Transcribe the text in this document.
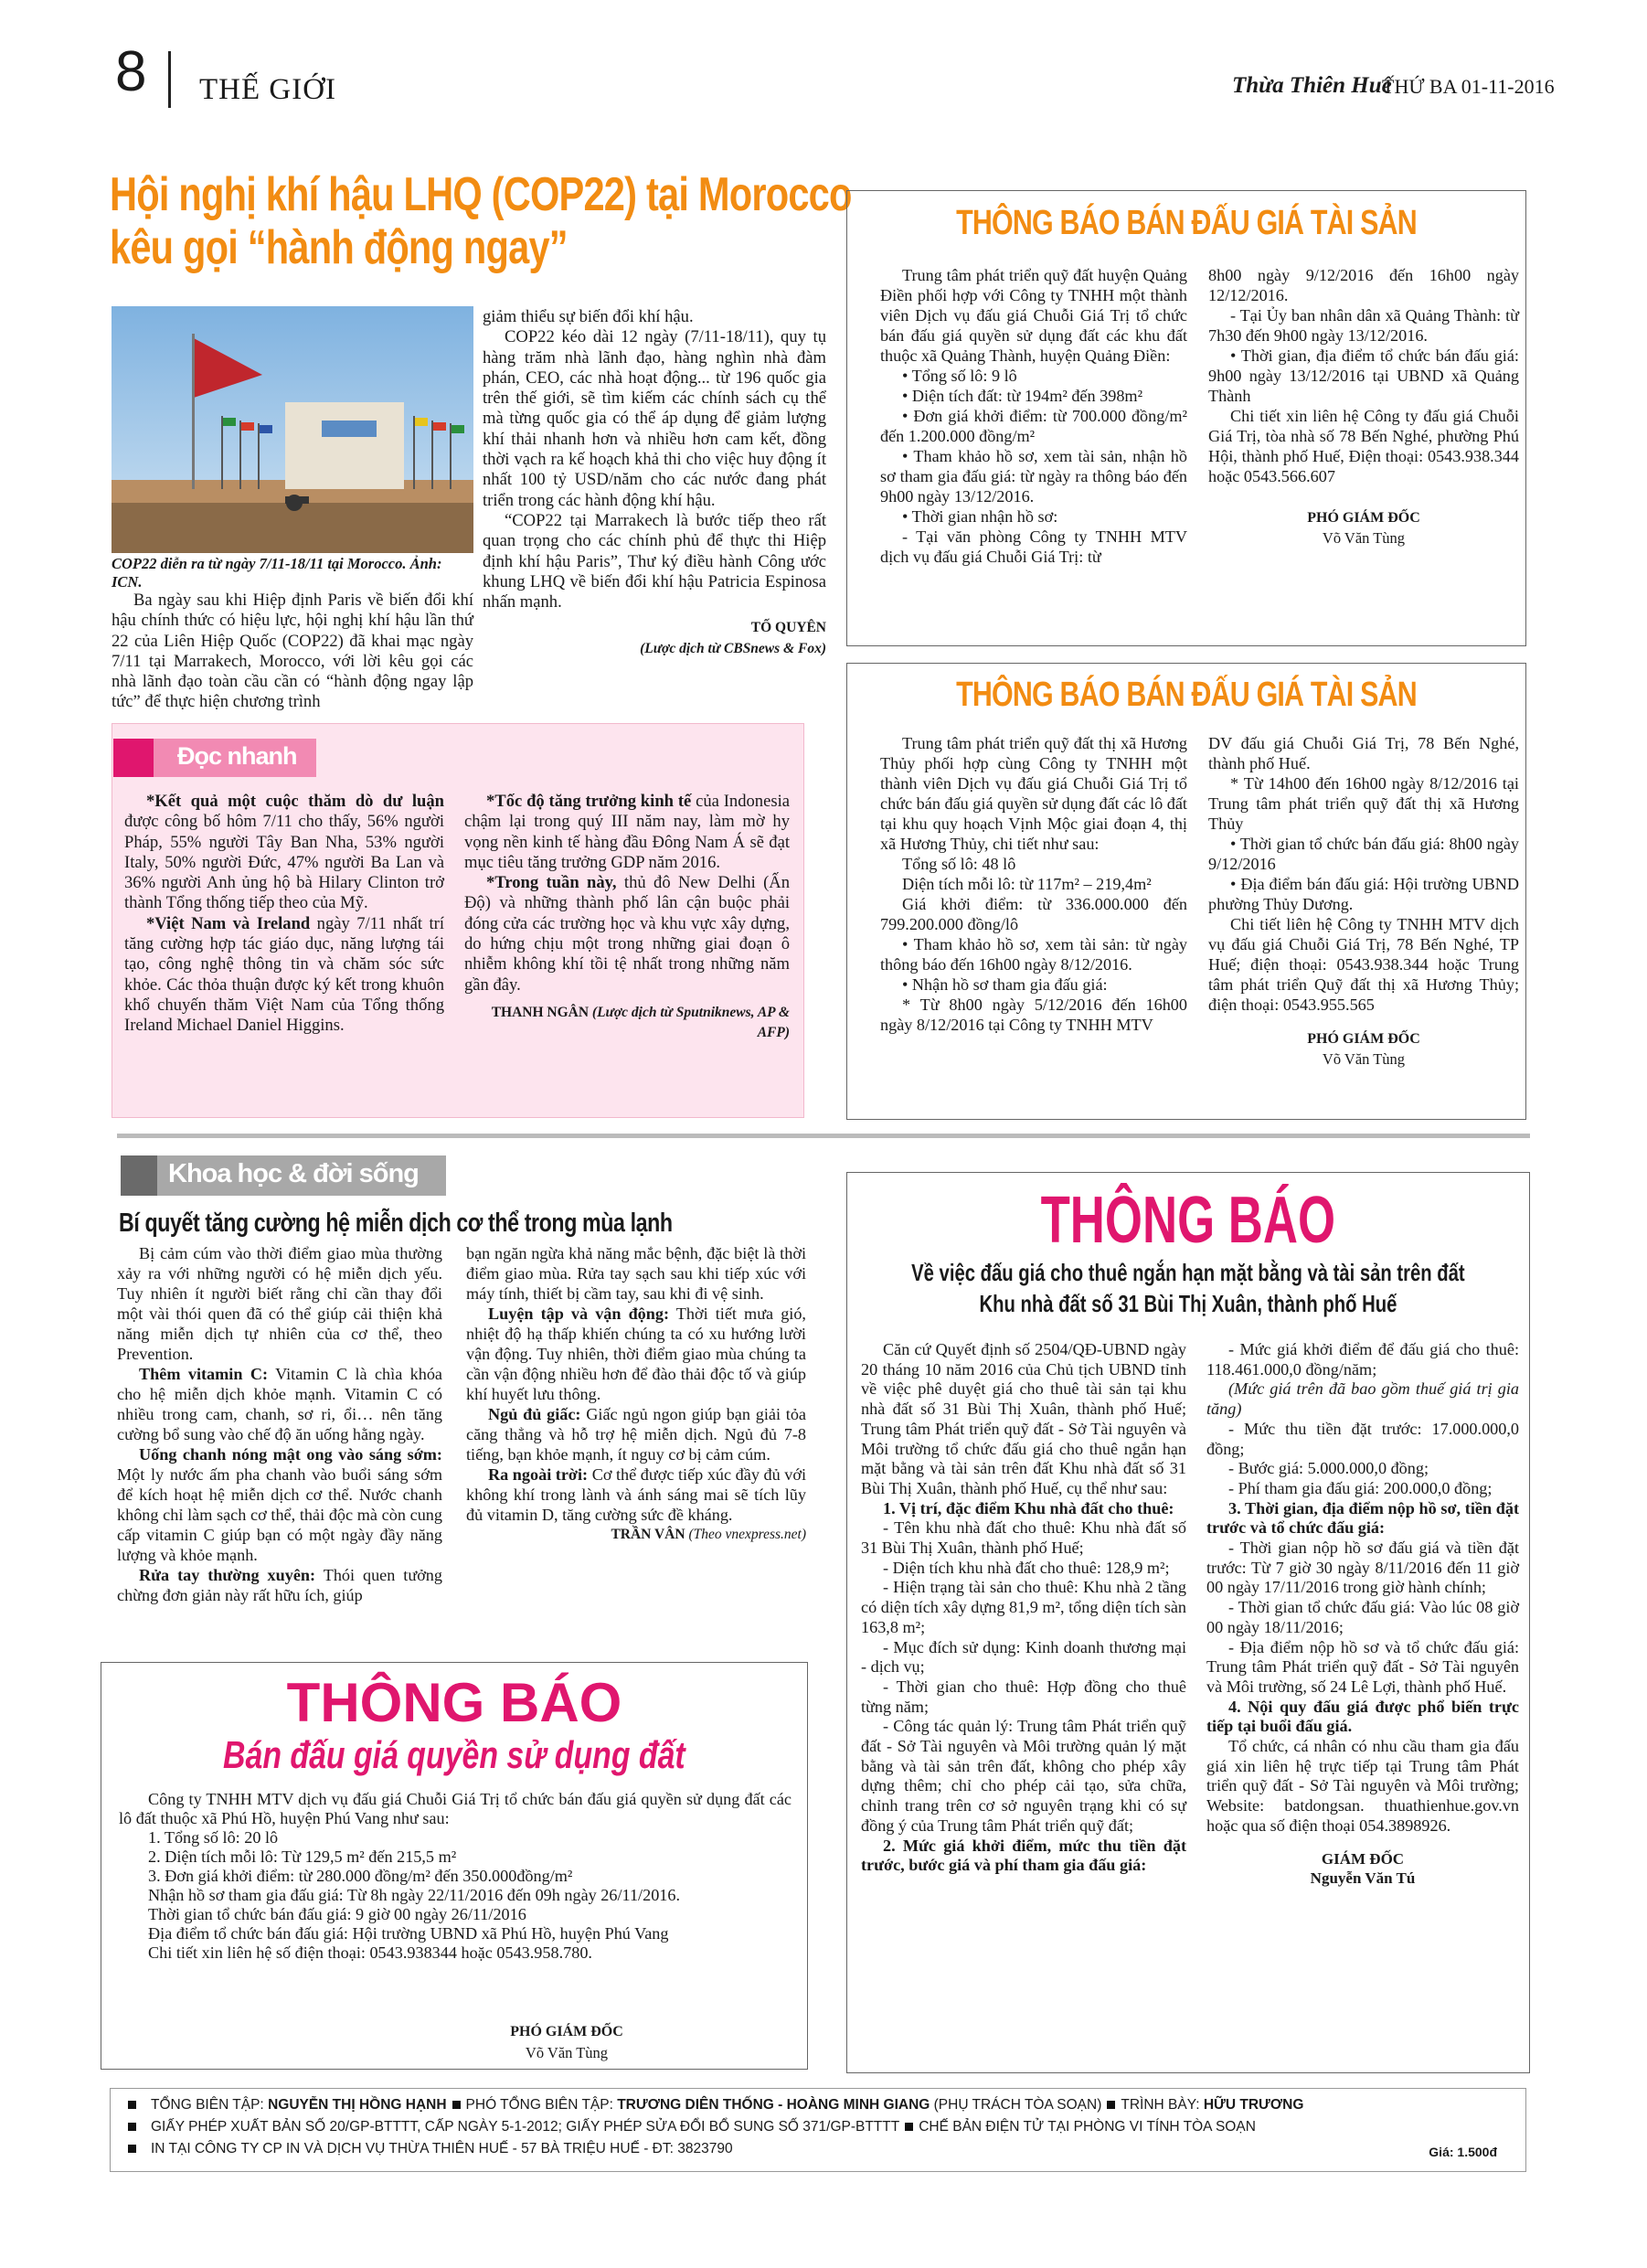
8 THẾ GIỚI	Thừa Thiên Huế
THỨ BA 01-11-2016
Hội nghị khí hậu LHQ (COP22) tại Morocco
kêu gọi “hành động ngay”
COP22 diễn ra từ ngày 7/11-18/11 tại Morocco. Ảnh: ICN.

Ba ngày sau khi Hiệp định Paris về biến đổi khí hậu chính thức có hiệu lực, hội nghị khí hậu lần thứ 22 của Liên Hiệp Quốc (COP22) đã khai mạc ngày 7/11 tại Marrakech, Morocco, với lời kêu gọi các nhà lãnh đạo toàn cầu cần có “hành động ngay lập tức” để thực hiện chương trình

giảm thiểu sự biến đổi khí hậu.

COP22 kéo dài 12 ngày (7/11-18/11), quy tụ hàng trăm nhà lãnh đạo, hàng nghìn nhà đàm phán, CEO, các nhà hoạt động... từ 196 quốc gia trên thế giới, sẽ tìm kiếm các chính sách cụ thể mà từng quốc gia có thể áp dụng để giảm lượng khí thải nhanh hơn và nhiều hơn cam kết, đồng thời vạch ra kế hoạch khả thi cho việc huy động ít nhất 100 tỷ USD/năm cho các nước đang phát triển trong các hành động khí hậu.

“COP22 tại Marrakech là bước tiếp theo rất quan trọng cho các chính phủ để thực thi Hiệp định khí hậu Paris”, Thư ký điều hành Công ước khung LHQ về biến đổi khí hậu Patricia Espinosa nhấn mạnh.

TỐ QUYÊN

(Lược dịch từ CBSnews & Fox)

Đọc nhanh

*Kết quả một cuộc thăm dò dư luận được công bố hôm 7/11 cho thấy, 56% người Pháp, 55% người Tây Ban Nha, 53% người Italy, 50% người Đức, 47% người Ba Lan và 36% người Anh ủng hộ bà Hilary Clinton trở thành Tổng thống tiếp theo của Mỹ.

*Việt Nam và Ireland ngày 7/11 nhất trí tăng cường hợp tác giáo dục, năng lượng tái tạo, công nghệ thông tin và chăm sóc sức khỏe. Các thỏa thuận được ký kết trong khuôn khổ chuyến thăm Việt Nam của Tổng thống Ireland Michael Daniel Higgins.

*Tốc độ tăng trưởng kinh tế của Indonesia chậm lại trong quý III năm nay, làm mờ hy vọng nền kinh tế hàng đầu Đông Nam Á sẽ đạt mục tiêu tăng trưởng GDP năm 2016.

*Trong tuần này, thủ đô New Delhi (Ấn Độ) và những thành phố lân cận buộc phải đóng cửa các trường học và khu vực xây dựng, do hứng chịu một trong những giai đoạn ô nhiễm không khí tồi tệ nhất trong những năm gần đây.

THANH NGÂN (Lược dịch từ Sputniknews, AP & AFP)

THÔNG BÁO BÁN ĐẤU GIÁ TÀI SẢN

Trung tâm phát triển quỹ đất huyện Quảng Điền phối hợp với Công ty TNHH một thành viên Dịch vụ đấu giá Chuỗi Giá Trị tổ chức bán đấu giá quyền sử dụng đất các khu đất thuộc xã Quảng Thành, huyện Quảng Điền:

• Tổng số lô: 9 lô

• Diện tích đất: từ 194m² đến 398m²

• Đơn giá khởi điểm: từ 700.000 đồng/m² đến 1.200.000 đồng/m²

• Tham khảo hồ sơ, xem tài sản, nhận hồ sơ tham gia đấu giá: từ ngày ra thông báo đến 9h00 ngày 13/12/2016.

• Thời gian nhận hồ sơ:

- Tại văn phòng Công ty TNHH MTV dịch vụ đấu giá Chuỗi Giá Trị: từ

8h00 ngày 9/12/2016 đến 16h00 ngày 12/12/2016.

- Tại Ủy ban nhân dân xã Quảng Thành: từ 7h30 đến 9h00 ngày 13/12/2016.

• Thời gian, địa điểm tổ chức bán đấu giá: 9h00 ngày 13/12/2016 tại UBND xã Quảng Thành

Chi tiết xin liên hệ Công ty đấu giá Chuỗi Giá Trị, tòa nhà số 78 Bến Nghé, phường Phú Hội, thành phố Huế, Điện thoại: 0543.938.344 hoặc 0543.566.607

PHÓ GIÁM ĐỐC

Võ Văn Tùng

THÔNG BÁO BÁN ĐẤU GIÁ TÀI SẢN

Trung tâm phát triển quỹ đất thị xã Hương Thủy phối hợp cùng Công ty TNHH một thành viên Dịch vụ đấu giá Chuỗi Giá Trị tổ chức bán đấu giá quyền sử dụng đất các lô đất tại khu quy hoạch Vịnh Mộc giai đoạn 4, thị xã Hương Thủy, chi tiết như sau:

Tổng số lô: 48 lô

Diện tích mỗi lô: từ 117m² – 219,4m²

Giá khởi điểm: từ 336.000.000 đến 799.200.000 đồng/lô

• Tham khảo hồ sơ, xem tài sản: từ ngày thông báo đến 16h00 ngày 8/12/2016.

• Nhận hồ sơ tham gia đấu giá:

* Từ 8h00 ngày 5/12/2016 đến 16h00 ngày 8/12/2016 tại Công ty TNHH MTV

DV đấu giá Chuỗi Giá Trị, 78 Bến Nghé, thành phố Huế.

* Từ 14h00 đến 16h00 ngày 8/12/2016 tại Trung tâm phát triển quỹ đất thị xã Hương Thủy

• Thời gian tổ chức bán đấu giá: 8h00 ngày 9/12/2016

• Địa điểm bán đấu giá: Hội trường UBND phường Thủy Dương.

Chi tiết liên hệ Công ty TNHH MTV dịch vụ đấu giá Chuỗi Giá Trị, 78 Bến Nghé, TP Huế; điện thoại: 0543.938.344 hoặc Trung tâm phát triển Quỹ đất thị xã Hương Thủy; điện thoại: 0543.955.565

PHÓ GIÁM ĐỐC

Võ Văn Tùng

Khoa học & đời sống
Bí quyết tăng cường hệ miễn dịch cơ thể trong mùa lạnh

Bị cảm cúm vào thời điểm giao mùa thường xảy ra với những người có hệ miễn dịch yếu. Tuy nhiên ít người biết rằng chỉ cần thay đổi một vài thói quen đã có thể giúp cải thiện khả năng miễn dịch tự nhiên của cơ thể, theo Prevention.

Thêm vitamin C: Vitamin C là chìa khóa cho hệ miễn dịch khỏe mạnh. Vitamin C có nhiều trong cam, chanh, sơ ri, ổi… nên tăng cường bổ sung vào chế độ ăn uống hằng ngày.

Uống chanh nóng mật ong vào sáng sớm: Một ly nước ấm pha chanh vào buổi sáng sớm để kích hoạt hệ miễn dịch cơ thể. Nước chanh không chỉ làm sạch cơ thể, thải độc mà còn cung cấp vitamin C giúp bạn có một ngày đầy năng lượng và khỏe mạnh.

Rửa tay thường xuyên: Thói quen tưởng chừng đơn giản này rất hữu ích, giúp

bạn ngăn ngừa khả năng mắc bệnh, đặc biệt là thời điểm giao mùa. Rửa tay sạch sau khi tiếp xúc với máy tính, thiết bị cầm tay, sau khi đi vệ sinh.

Luyện tập và vận động: Thời tiết mưa gió, nhiệt độ hạ thấp khiến chúng ta có xu hướng lười vận động. Tuy nhiên, thời điểm giao mùa chúng ta cần vận động nhiều hơn để đào thải độc tố và giúp khí huyết lưu thông.

Ngủ đủ giấc: Giấc ngủ ngon giúp bạn giải tỏa căng thẳng và hỗ trợ hệ miễn dịch. Ngủ đủ 7-8 tiếng, bạn khỏe mạnh, ít nguy cơ bị cảm cúm.

Ra ngoài trời: Cơ thể được tiếp xúc đầy đủ với không khí trong lành và ánh sáng mai sẽ tích lũy đủ vitamin D, tăng cường sức đề kháng.

TRẦN VÂN (Theo vnexpress.net)

THÔNG BÁO
Bán đấu giá quyền sử dụng đất

Công ty TNHH MTV dịch vụ đấu giá Chuỗi Giá Trị tổ chức bán đấu giá quyền sử dụng đất các lô đất thuộc xã Phú Hồ, huyện Phú Vang như sau:

1. Tổng số lô: 20 lô

2. Diện tích mỗi lô: Từ 129,5 m² đến 215,5 m²

3. Đơn giá khởi điểm: từ 280.000 đồng/m² đến 350.000đồng/m²

Nhận hồ sơ tham gia đấu giá: Từ 8h ngày 22/11/2016 đến 09h ngày 26/11/2016.

Thời gian tổ chức bán đấu giá: 9 giờ 00 ngày 26/11/2016

Địa điểm tổ chức bán đấu giá: Hội trường UBND xã Phú Hồ, huyện Phú Vang

Chi tiết xin liên hệ số điện thoại: 0543.938344 hoặc 0543.958.780.

PHÓ GIÁM ĐỐC
Võ Văn Tùng
THÔNG BÁO
Về việc đấu giá cho thuê ngắn hạn mặt bằng và tài sản trên đất
Khu nhà đất số 31 Bùi Thị Xuân, thành phố Huế

Căn cứ Quyết định số 2504/QĐ-UBND ngày 20 tháng 10 năm 2016 của Chủ tịch UBND tỉnh về việc phê duyệt giá cho thuê tài sản tại khu nhà đất số 31 Bùi Thị Xuân, thành phố Huế; Trung tâm Phát triển quỹ đất - Sở Tài nguyên và Môi trường tổ chức đấu giá cho thuê ngắn hạn mặt bằng và tài sản trên đất Khu nhà đất số 31 Bùi Thị Xuân, thành phố Huế, cụ thể như sau:

1. Vị trí, đặc điểm Khu nhà đất cho thuê:

- Tên khu nhà đất cho thuê: Khu nhà đất số 31 Bùi Thị Xuân, thành phố Huế;

- Diện tích khu nhà đất cho thuê: 128,9 m²;

- Hiện trạng tài sản cho thuê: Khu nhà 2 tầng có diện tích xây dựng 81,9 m², tổng diện tích sàn 163,8 m²;

- Mục đích sử dụng: Kinh doanh thương mại - dịch vụ;

- Thời gian cho thuê: Hợp đồng cho thuê từng năm;

- Công tác quản lý: Trung tâm Phát triển quỹ đất - Sở Tài nguyên và Môi trường quản lý mặt bằng và tài sản trên đất, không cho phép xây dựng thêm; chỉ cho phép cải tạo, sửa chữa, chỉnh trang trên cơ sở nguyên trạng khi có sự đồng ý của Trung tâm Phát triển quỹ đất;

2. Mức giá khởi điểm, mức thu tiền đặt trước, bước giá và phí tham gia đấu giá:

- Mức giá khởi điểm để đấu giá cho thuê: 118.461.000,0 đồng/năm;

(Mức giá trên đã bao gồm thuế giá trị gia tăng)

- Mức thu tiền đặt trước: 17.000.000,0 đồng;

- Bước giá: 5.000.000,0 đồng;

- Phí tham gia đấu giá: 200.000,0 đồng;

3. Thời gian, địa điểm nộp hồ sơ, tiền đặt trước và tổ chức đấu giá:

- Thời gian nộp hồ sơ đấu giá và tiền đặt trước: Từ 7 giờ 30 ngày 8/11/2016 đến 11 giờ 00 ngày 17/11/2016 trong giờ hành chính;

- Thời gian tổ chức đấu giá: Vào lúc 08 giờ 00 ngày 18/11/2016;

- Địa điểm nộp hồ sơ và tổ chức đấu giá: Trung tâm Phát triển quỹ đất - Sở Tài nguyên và Môi trường, số 24 Lê Lợi, thành phố Huế.

4. Nội quy đấu giá được phổ biến trực tiếp tại buổi đấu giá.

Tổ chức, cá nhân có nhu cầu tham gia đấu giá xin liên hệ trực tiếp tại Trung tâm Phát triển quỹ đất - Sở Tài nguyên và Môi trường; Website: batdongsan. thuathienhue.gov.vn hoặc qua số điện thoại 054.3898926.

GIÁM ĐỐC

Nguyễn Văn Tú

TỔNG BIÊN TẬP: NGUYỄN THỊ HỒNG HẠNH PHÓ TỔNG BIÊN TẬP: TRƯƠNG DIÊN THỐNG - HOÀNG MINH GIANG (PHỤ TRÁCH TÒA SOẠN) TRÌNH BÀY: HỮU TRƯƠNG
GIẤY PHÉP XUẤT BẢN SỐ 20/GP-BTTTT, CẤP NGÀY 5-1-2012; GIẤY PHÉP SỬA ĐỔI BỔ SUNG SỐ 371/GP-BTTTT CHẾ BẢN ĐIỆN TỬ TẠI PHÒNG VI TÍNH TÒA SOẠN
IN TẠI CÔNG TY CP IN VÀ DỊCH VỤ THỪA THIÊN HUẾ - 57 BÀ TRIỆU HUẾ - ĐT: 3823790	Giá: 1.500đ
